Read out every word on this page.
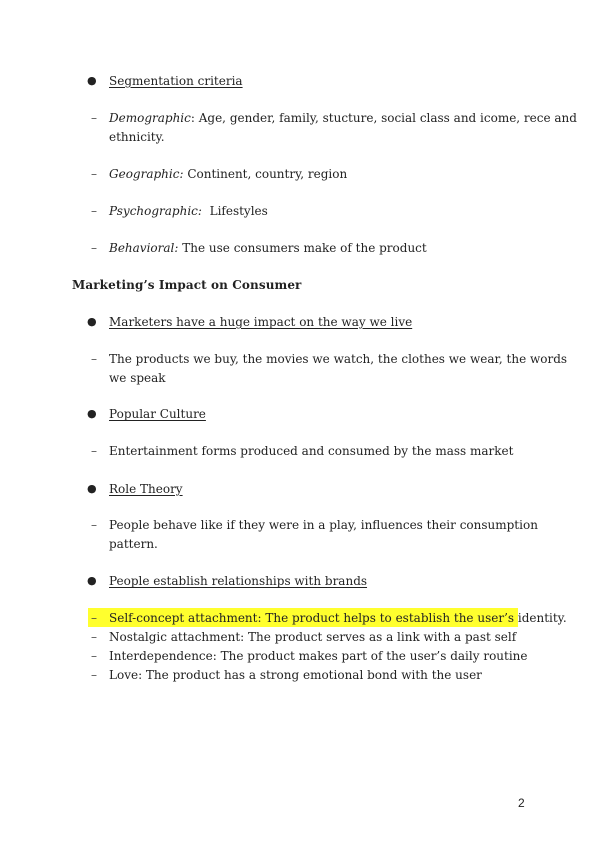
● Segmentation criteria
– Demographic: Age, gender, family, stucture, social class and icome, rece and
ethnicity.
– Geographic: Continent, country, region
– Psychographic: Lifestyles
– Behavioral: The use consumers make of the product
Marketing’s Impact on Consumer
● Marketers have a huge impact on the way we live
– The products we buy, the movies we watch, the clothes we wear, the words
we speak
● Popular Culture
– Entertainment forms produced and consumed by the mass market
● Role Theory
– People behave like if they were in a play, influences their consumption
pattern.
● People establish relationships with brands
– Self-concept attachment: The product helps to establish the user’s identity.
– Nostalgic attachment: The product serves as a link with a past self
– Interdependence: The product makes part of the user’s daily routine
– Love: The product has a strong emotional bond with the user
2
